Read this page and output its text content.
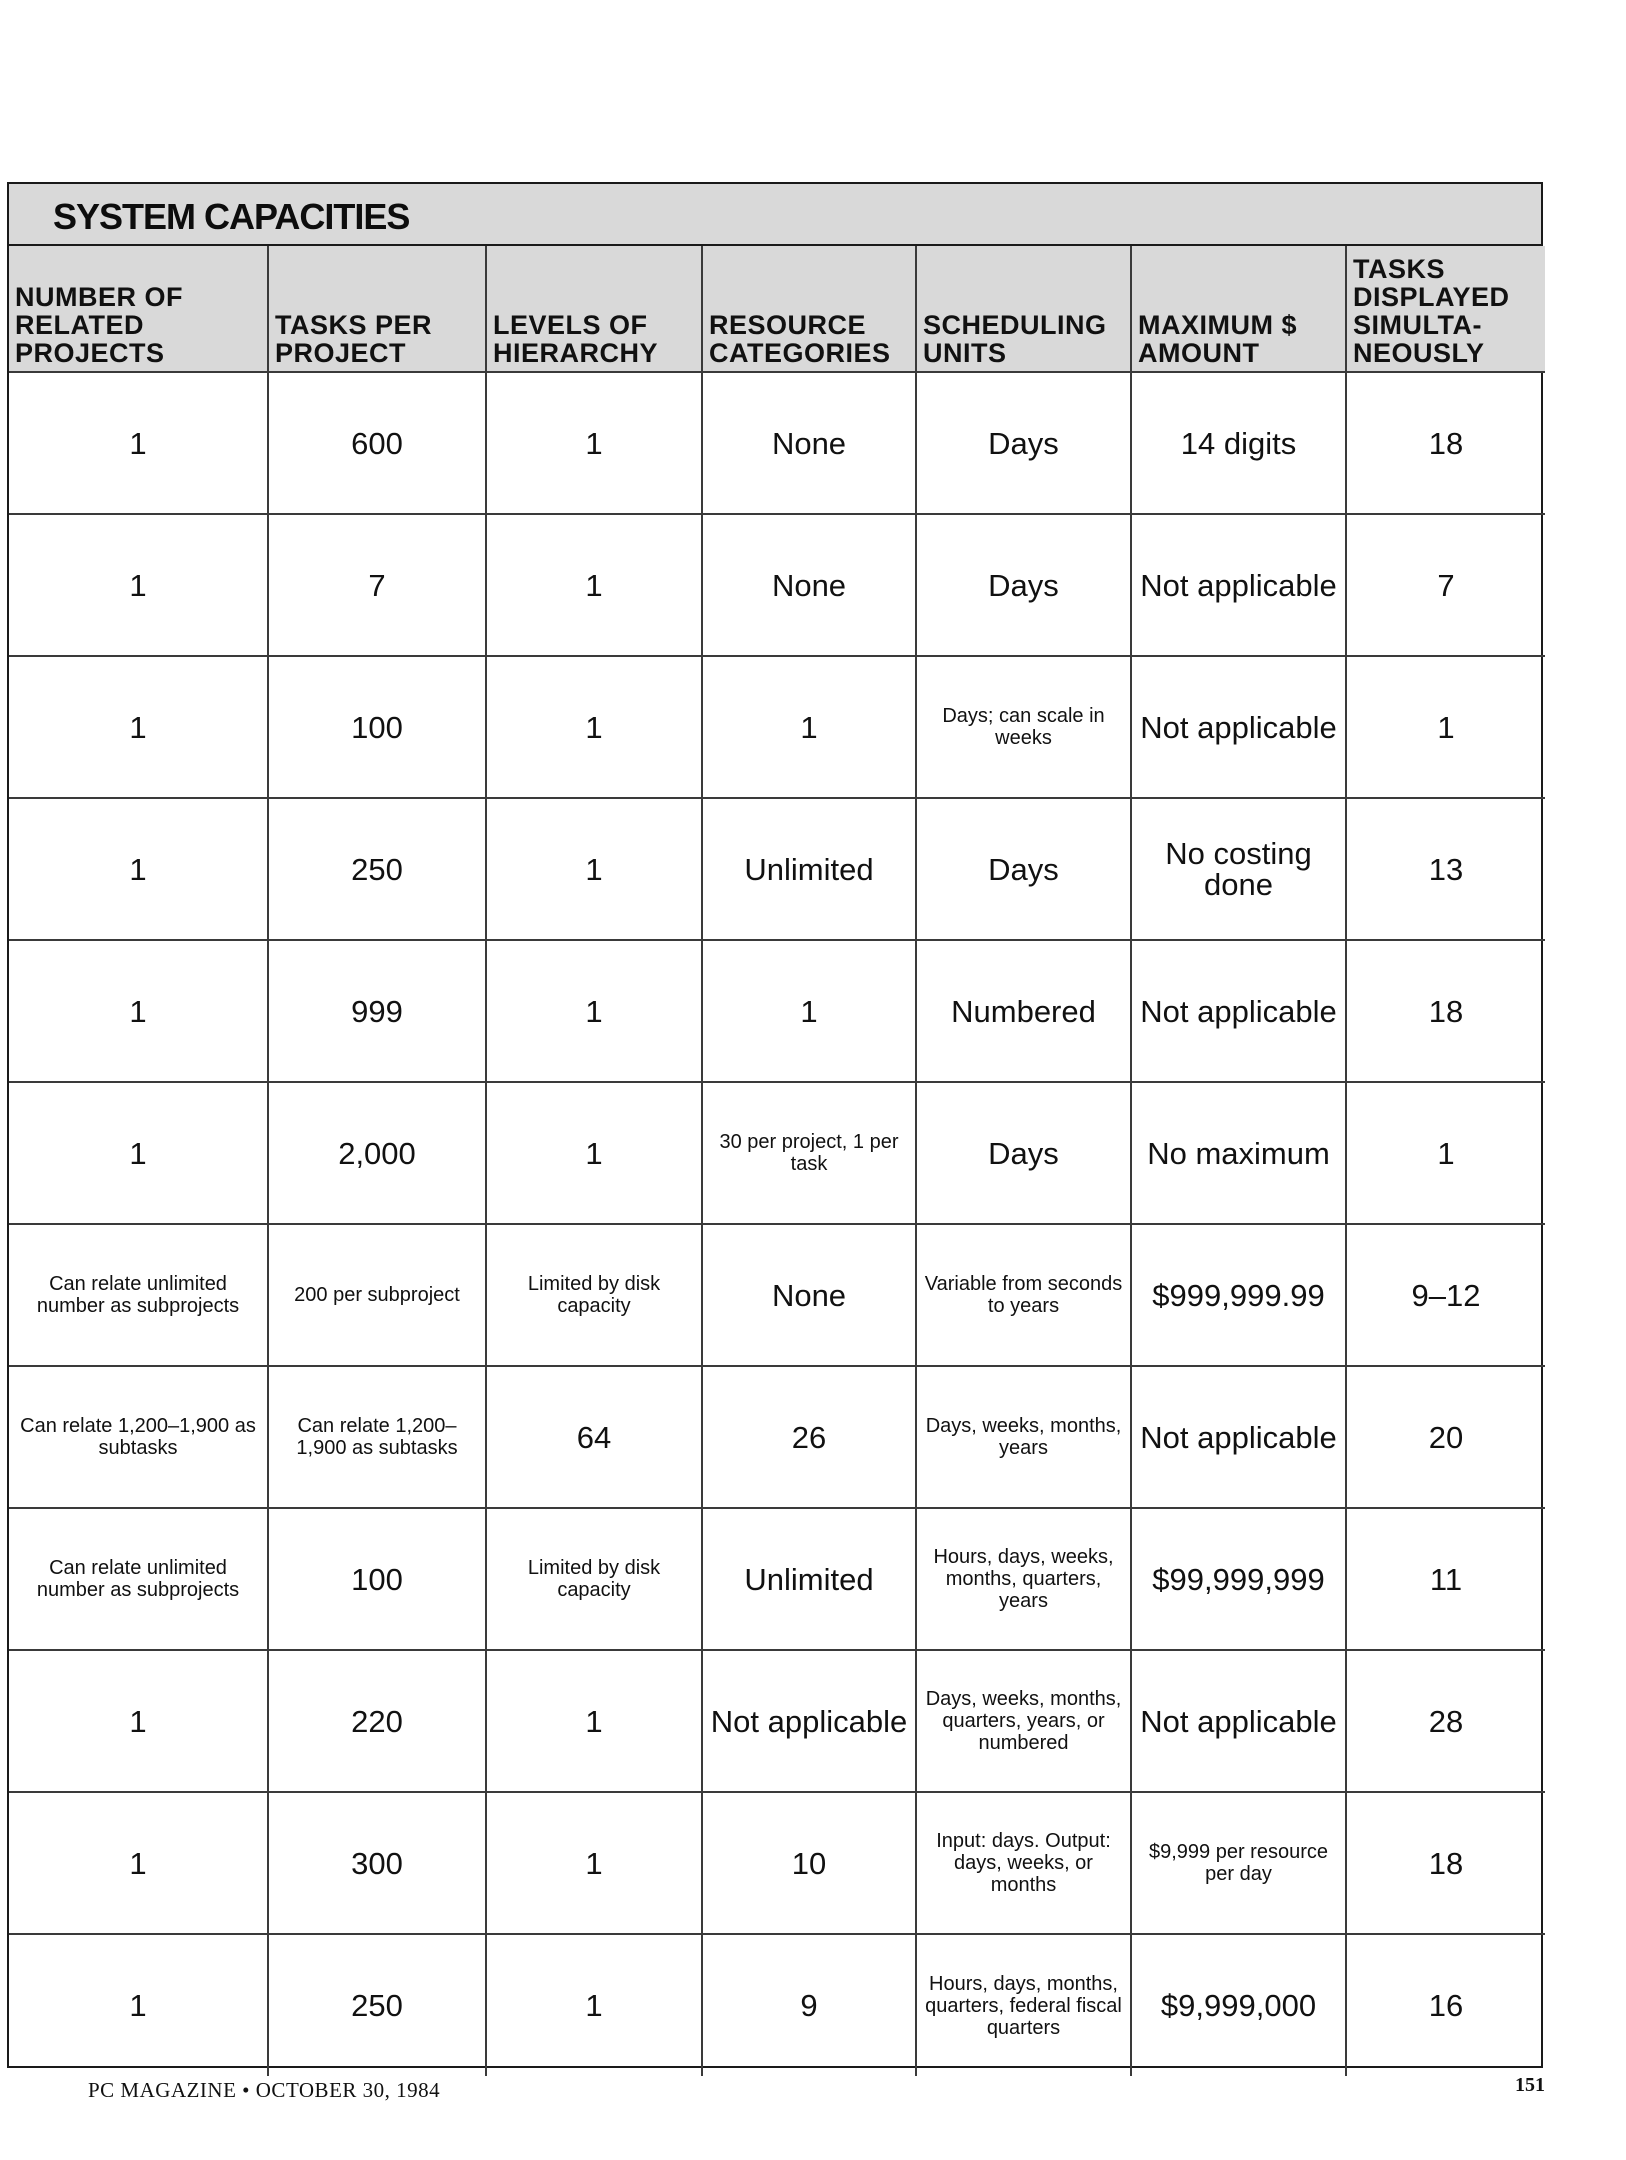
SYSTEM CAPACITIES
NUMBER OF RELATED PROJECTS	TASKS PER PROJECT	LEVELS OF HIERARCHY	RESOURCE CATEGORIES	SCHEDULING UNITS	MAXIMUM $ AMOUNT	TASKS DISPLAYED SIMULTA-NEOUSLY
1	600	1	None	Days	14 digits	18
1	7	1	None	Days	Not applicable	7
1	100	1	1	Days; can scale in weeks	Not applicable	1
1	250	1	Unlimited	Days	No costing done	13
1	999	1	1	Numbered	Not applicable	18
1	2,000	1	30 per project, 1 per task	Days	No maximum	1
Can relate unlimited number as subprojects	200 per subproject	Limited by disk capacity	None	Variable from seconds to years	$999,999.99	9–12
Can relate 1,200–1,900 as subtasks	Can relate 1,200–1,900 as subtasks	64	26	Days, weeks, months, years	Not applicable	20
Can relate unlimited number as subprojects	100	Limited by disk capacity	Unlimited	Hours, days, weeks, months, quarters, years	$99,999,999	11
1	220	1	Not applicable	Days, weeks, months, quarters, years, or numbered	Not applicable	28
1	300	1	10	Input: days. Output: days, weeks, or months	$9,999 per resource per day	18
1	250	1	9	Hours, days, months, quarters, federal fiscal quarters	$9,999,000	16
PC MAGAZINE • OCTOBER 30, 1984	151
